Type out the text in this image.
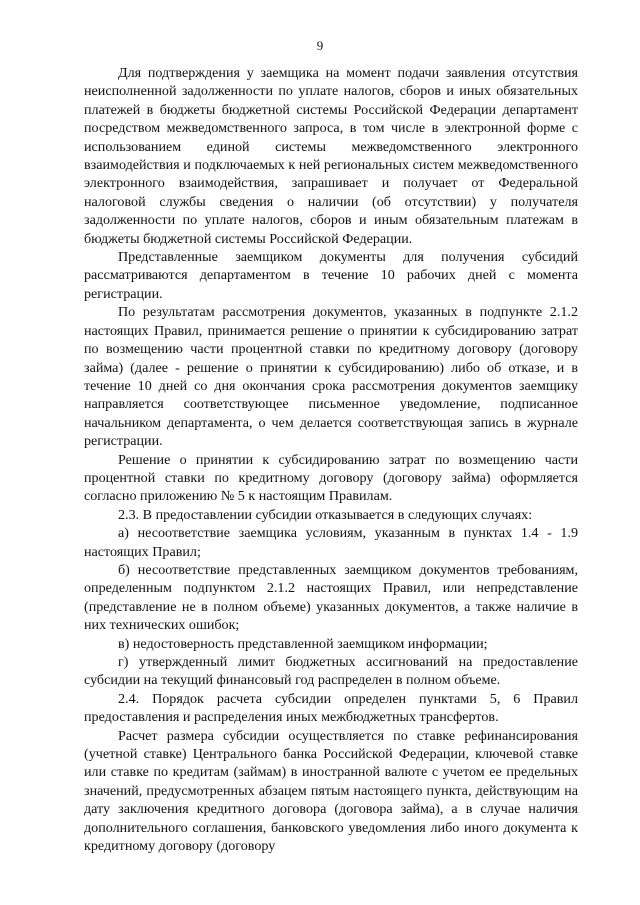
9

Для подтверждения у заемщика на момент подачи заявления отсутствия неисполненной задолженности по уплате налогов, сборов и иных обязательных платежей в бюджеты бюджетной системы Российской Федерации департамент посредством межведомственного запроса, в том числе в электронной форме с использованием единой системы межведомственного электронного взаимодействия и подключаемых к ней региональных систем межведомственного электронного взаимодействия, запрашивает и получает от Федеральной налоговой службы сведения о наличии (об отсутствии) у получателя задолженности по уплате налогов, сборов и иным обязательным платежам в бюджеты бюджетной системы Российской Федерации.

Представленные заемщиком документы для получения субсидий рассматриваются департаментом в течение 10 рабочих дней с момента регистрации.

По результатам рассмотрения документов, указанных в подпункте 2.1.2 настоящих Правил, принимается решение о принятии к субсидированию затрат по возмещению части процентной ставки по кредитному договору (договору займа) (далее - решение о принятии к субсидированию) либо об отказе, и в течение 10 дней со дня окончания срока рассмотрения документов заемщику направляется соответствующее письменное уведомление, подписанное начальником департамента, о чем делается соответствующая запись в журнале регистрации.

Решение о принятии к субсидированию затрат по возмещению части процентной ставки по кредитному договору (договору займа) оформляется согласно приложению № 5 к настоящим Правилам.

2.3. В предоставлении субсидии отказывается в следующих случаях:

а) несоответствие заемщика условиям, указанным в пунктах 1.4 - 1.9 настоящих Правил;

б) несоответствие представленных заемщиком документов требованиям, определенным подпунктом 2.1.2 настоящих Правил, или непредставление (представление не в полном объеме) указанных документов, а также наличие в них технических ошибок;

в) недостоверность представленной заемщиком информации;

г) утвержденный лимит бюджетных ассигнований на предоставление субсидии на текущий финансовый год распределен в полном объеме.

2.4. Порядок расчета субсидии определен пунктами 5, 6 Правил предоставления и распределения иных межбюджетных трансфертов.

Расчет размера субсидии осуществляется по ставке рефинансирования (учетной ставке) Центрального банка Российской Федерации, ключевой ставке или ставке по кредитам (займам) в иностранной валюте с учетом ее предельных значений, предусмотренных абзацем пятым настоящего пункта, действующим на дату заключения кредитного договора (договора займа), а в случае наличия дополнительного соглашения, банковского уведомления либо иного документа к кредитному договору (договору
